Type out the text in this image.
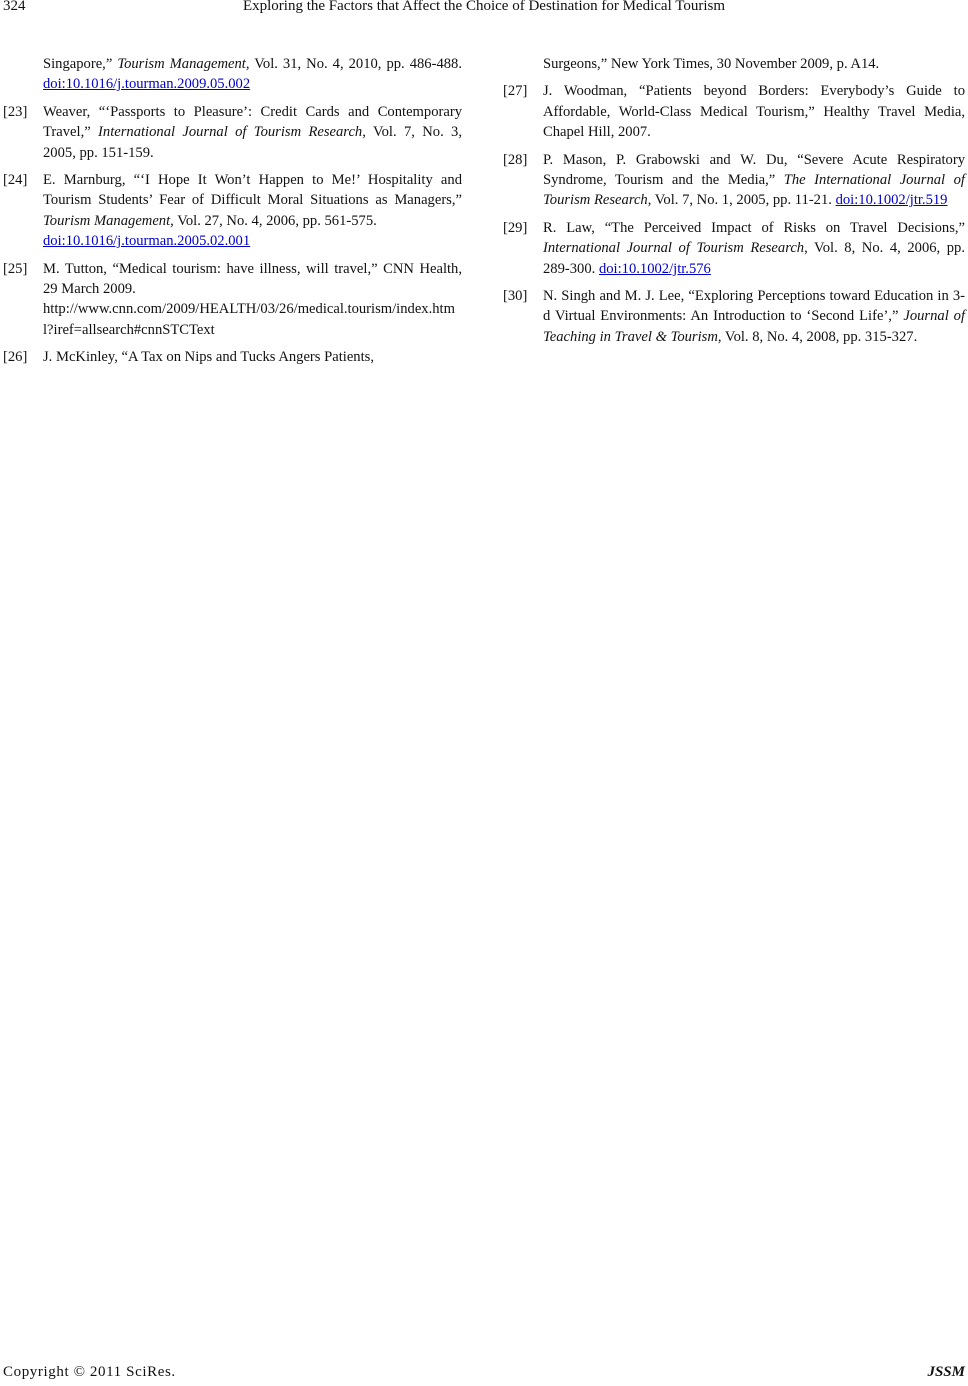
324	Exploring the Factors that Affect the Choice of Destination for Medical Tourism
Singapore,” Tourism Management, Vol. 31, No. 4, 2010, pp. 486-488. doi:10.1016/j.tourman.2009.05.002
[23] Weaver, “‘Passports to Pleasure’: Credit Cards and Contemporary Travel,” International Journal of Tourism Research, Vol. 7, No. 3, 2005, pp. 151-159.
[24] E. Marnburg, “‘I Hope It Won’t Happen to Me!’ Hospitality and Tourism Students’ Fear of Difficult Moral Situations as Managers,” Tourism Management, Vol. 27, No. 4, 2006, pp. 561-575.
doi:10.1016/j.tourman.2005.02.001
[25] M. Tutton, “Medical tourism: have illness, will travel,” CNN Health, 29 March 2009.
http://www.cnn.com/2009/HEALTH/03/26/medical.tourism/index.html?iref=allsearch#cnnSTCText
[26] J. McKinley, “A Tax on Nips and Tucks Angers Patients,
Surgeons,” New York Times, 30 November 2009, p. A14.
[27] J. Woodman, “Patients beyond Borders: Everybody’s Guide to Affordable, World-Class Medical Tourism,” Healthy Travel Media, Chapel Hill, 2007.
[28] P. Mason, P. Grabowski and W. Du, “Severe Acute Respiratory Syndrome, Tourism and the Media,” The International Journal of Tourism Research, Vol. 7, No. 1, 2005, pp. 11-21. doi:10.1002/jtr.519
[29] R. Law, “The Perceived Impact of Risks on Travel Decisions,” International Journal of Tourism Research, Vol. 8, No. 4, 2006, pp. 289-300. doi:10.1002/jtr.576
[30] N. Singh and M. J. Lee, “Exploring Perceptions toward Education in 3-d Virtual Environments: An Introduction to ‘Second Life’,” Journal of Teaching in Travel & Tourism, Vol. 8, No. 4, 2008, pp. 315-327.
Copyright © 2011 SciRes.	JSSM
